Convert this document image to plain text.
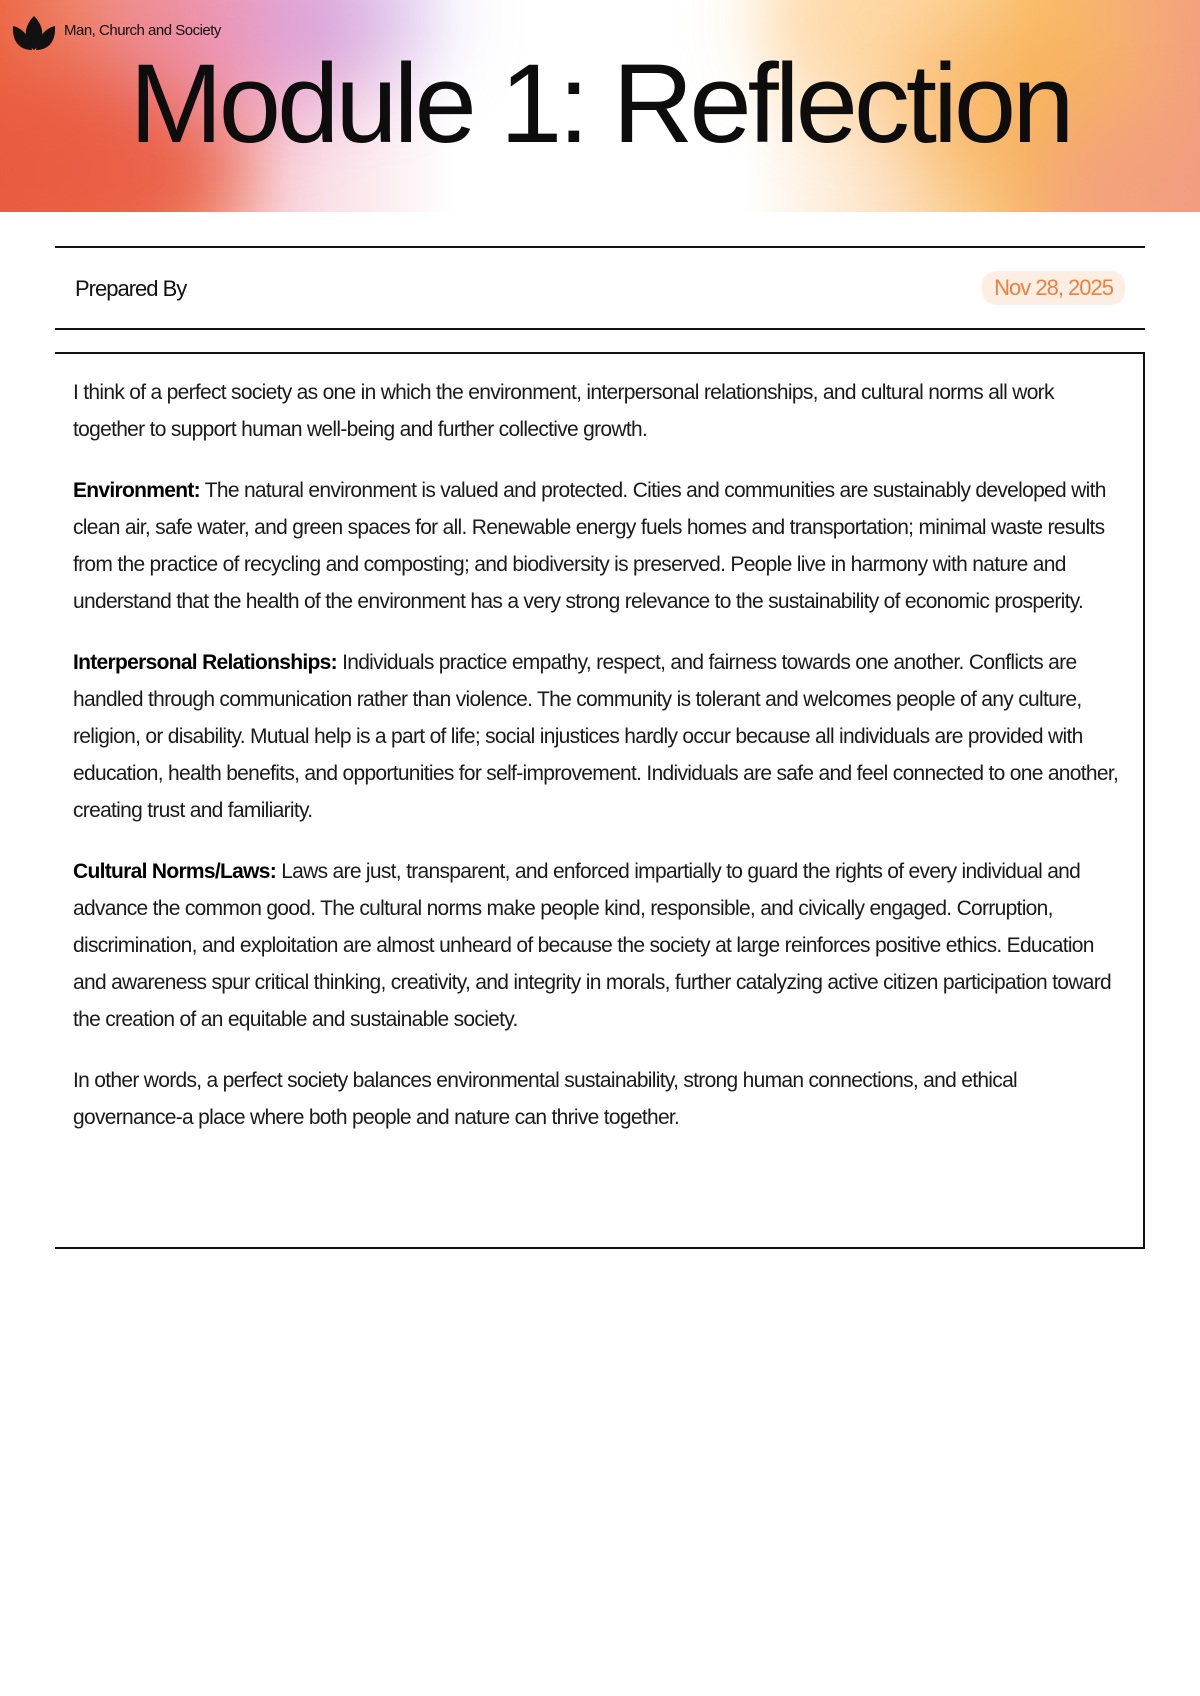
Man, Church and Society
Module 1: Reflection
Prepared By	Nov 28, 2025

I think of a perfect society as one in which the environment, interpersonal relationships, and cultural norms all work together to support human well-being and further collective growth.

Environment: The natural environment is valued and protected. Cities and communities are sustainably developed with clean air, safe water, and green spaces for all. Renewable energy fuels homes and transportation; minimal waste results from the practice of recycling and composting; and biodiversity is preserved. People live in harmony with nature and understand that the health of the environment has a very strong relevance to the sustainability of economic prosperity.

Interpersonal Relationships: Individuals practice empathy, respect, and fairness towards one another. Conflicts are handled through communication rather than violence. The community is tolerant and welcomes people of any culture, religion, or disability. Mutual help is a part of life; social injustices hardly occur because all individuals are provided with education, health benefits, and opportunities for self-improvement. Individuals are safe and feel connected to one another, creating trust and familiarity.

Cultural Norms/Laws: Laws are just, transparent, and enforced impartially to guard the rights of every individual and advance the common good. The cultural norms make people kind, responsible, and civically engaged. Corruption, discrimination, and exploitation are almost unheard of because the society at large reinforces positive ethics. Education and awareness spur critical thinking, creativity, and integrity in morals, further catalyzing active citizen participation toward the creation of an equitable and sustainable society.

In other words, a perfect society balances environmental sustainability, strong human connections, and ethical governance-a place where both people and nature can thrive together.
